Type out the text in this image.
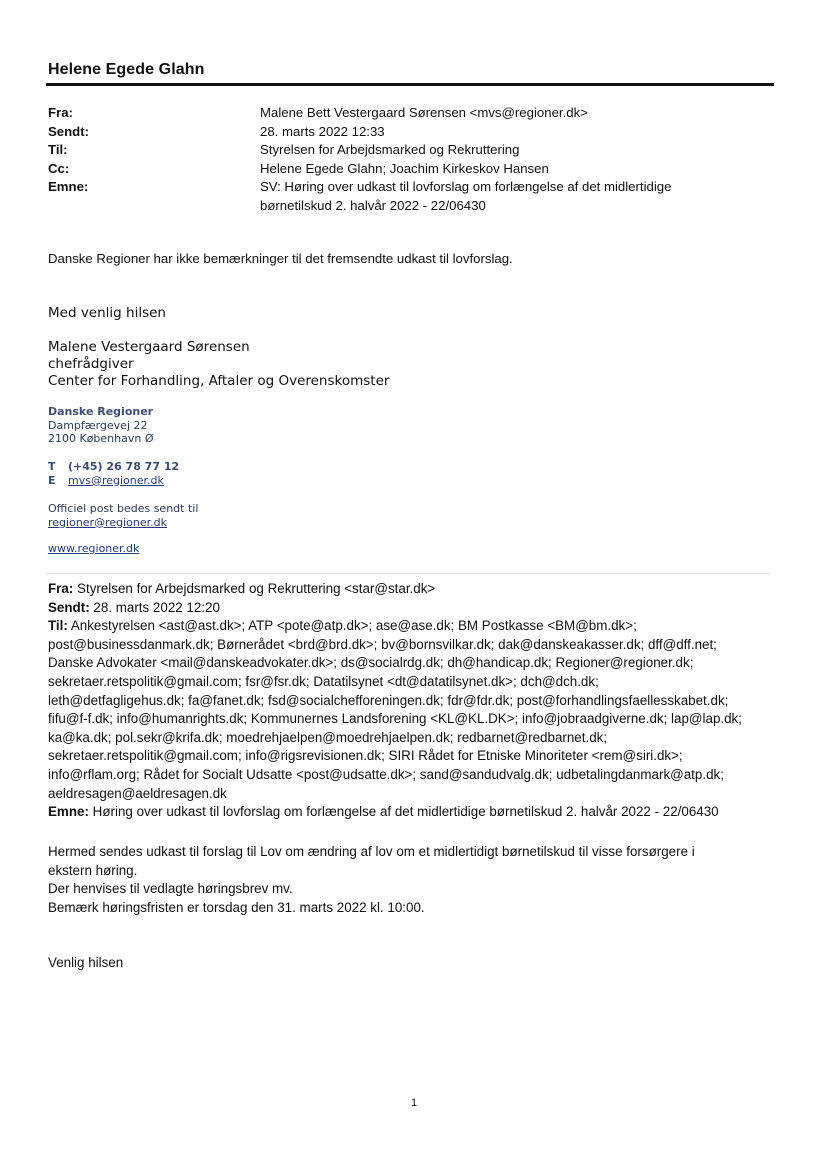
Helene Egede Glahn
Fra:	Malene Bett Vestergaard Sørensen <mvs@regioner.dk>
Sendt:	28. marts 2022 12:33
Til:	Styrelsen for Arbejdsmarked og Rekruttering
Cc:	Helene Egede Glahn; Joachim Kirkeskov Hansen
Emne:	SV: Høring over udkast til lovforslag om forlængelse af det midlertidige
børnetilskud 2. halvår 2022 - 22/06430
Danske Regioner har ikke bemærkninger til det fremsendte udkast til lovforslag.
Med venlig hilsen
Malene Vestergaard Sørensen
chefrådgiver
Center for Forhandling, Aftaler og Overenskomster
Danske Regioner
Dampfærgevej 22
2100 København Ø
T (+45) 26 78 77 12
E mvs@regioner.dk
Officiel post bedes sendt til
regioner@regioner.dk
www.regioner.dk
Fra: Styrelsen for Arbejdsmarked og Rekruttering <star@star.dk>
Sendt: 28. marts 2022 12:20
Til: Ankestyrelsen <ast@ast.dk>; ATP <pote@atp.dk>; ase@ase.dk; BM Postkasse <BM@bm.dk>;
post@businessdanmark.dk; Børnerådet <brd@brd.dk>; bv@bornsvilkar.dk; dak@danskeakasser.dk; dff@dff.net;
Danske Advokater <mail@danskeadvokater.dk>; ds@socialrdg.dk; dh@handicap.dk; Regioner@regioner.dk;
sekretaer.retspolitik@gmail.com; fsr@fsr.dk; Datatilsynet <dt@datatilsynet.dk>; dch@dch.dk;
leth@detfagligehus.dk; fa@fanet.dk; fsd@socialchefforeningen.dk; fdr@fdr.dk; post@forhandlingsfaellesskabet.dk;
fifu@f-f.dk; info@humanrights.dk; Kommunernes Landsforening <KL@KL.DK>; info@jobraadgiverne.dk; lap@lap.dk;
ka@ka.dk; pol.sekr@krifa.dk; moedrehjaelpen@moedrehjaelpen.dk; redbarnet@redbarnet.dk;
sekretaer.retspolitik@gmail.com; info@rigsrevisionen.dk; SIRI Rådet for Etniske Minoriteter <rem@siri.dk>;
info@rflam.org; Rådet for Socialt Udsatte <post@udsatte.dk>; sand@sandudvalg.dk; udbetalingdanmark@atp.dk;
aeldresagen@aeldresagen.dk
Emne: Høring over udkast til lovforslag om forlængelse af det midlertidige børnetilskud 2. halvår 2022 - 22/06430
Hermed sendes udkast til forslag til Lov om ændring af lov om et midlertidigt børnetilskud til visse forsørgere i
ekstern høring.
Der henvises til vedlagte høringsbrev mv.
Bemærk høringsfristen er torsdag den 31. marts 2022 kl. 10:00.
Venlig hilsen
1
